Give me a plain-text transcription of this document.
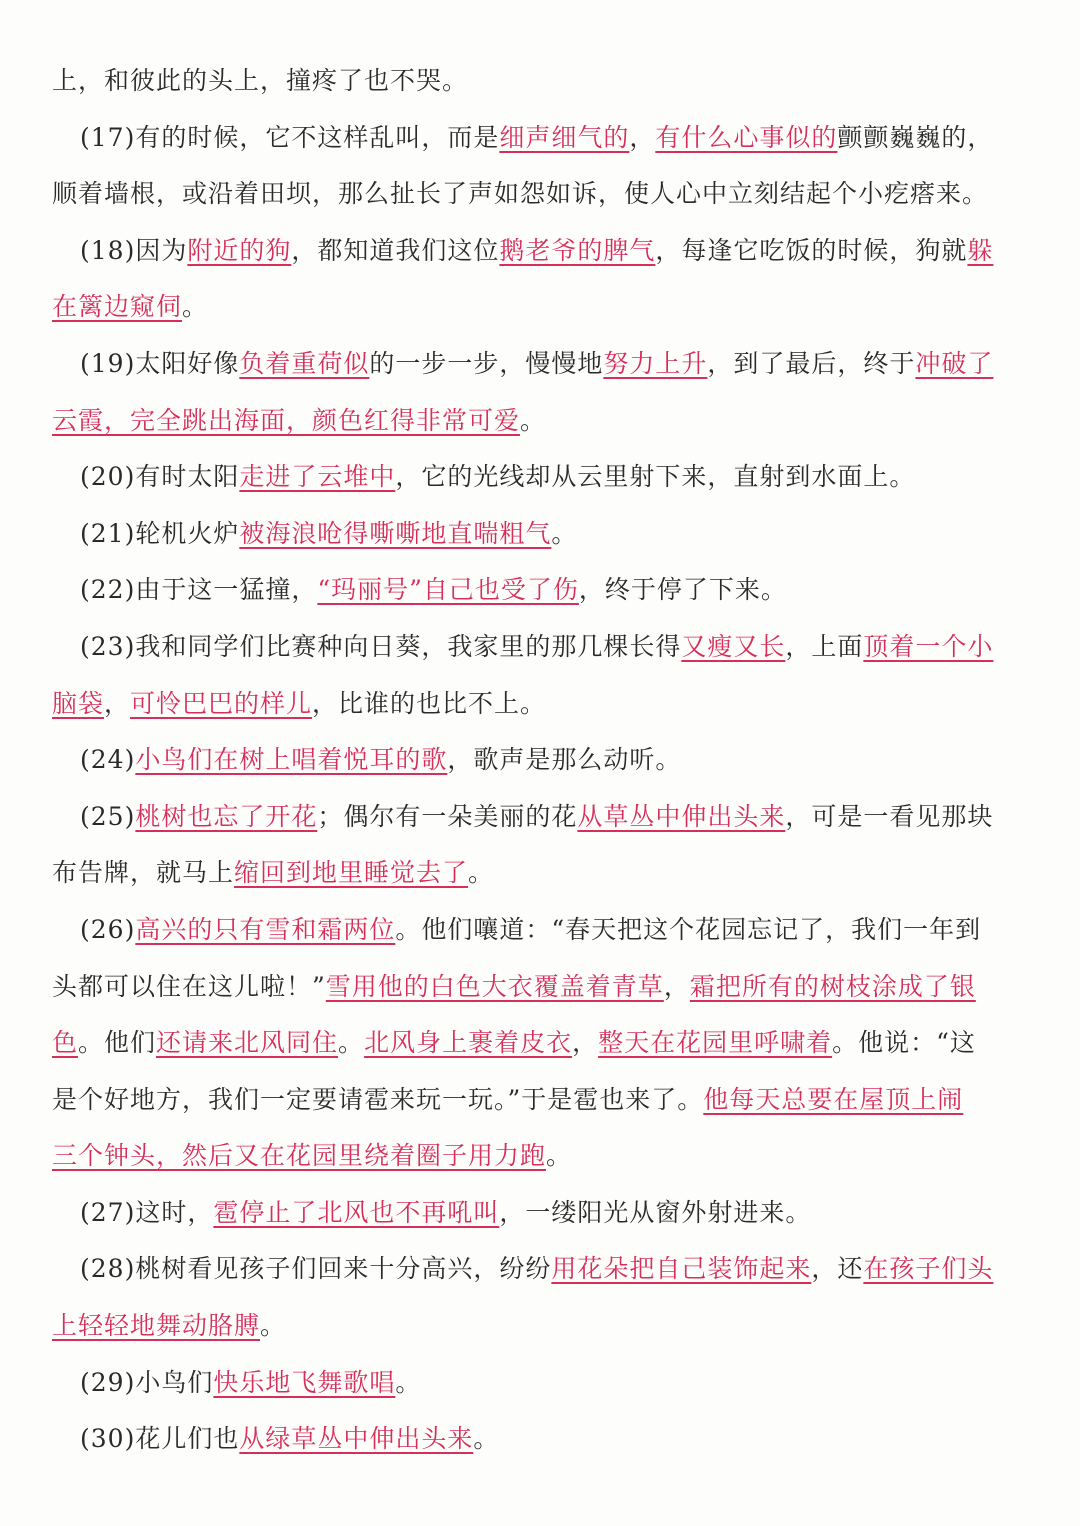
上，和彼此的头上，撞疼了也不哭。
(17)有的时候，它不这样乱叫，而是细声细气的，有什么心事似的颤颤巍巍的，
顺着墙根，或沿着田坝，那么扯长了声如怨如诉，使人心中立刻结起个小疙瘩来。
(18)因为附近的狗，都知道我们这位鹅老爷的脾气，每逢它吃饭的时候，狗就躲
在篱边窥伺。
(19)太阳好像负着重荷似的一步一步，慢慢地努力上升，到了最后，终于冲破了
云霞，完全跳出海面，颜色红得非常可爱。
(20)有时太阳走进了云堆中，它的光线却从云里射下来，直射到水面上。
(21)轮机火炉被海浪呛得嘶嘶地直喘粗气。
(22)由于这一猛撞，“玛丽号”自己也受了伤，终于停了下来。
(23)我和同学们比赛种向日葵，我家里的那几棵长得又瘦又长，上面顶着一个小
脑袋，可怜巴巴的样儿，比谁的也比不上。
(24)小鸟们在树上唱着悦耳的歌，歌声是那么动听。
(25)桃树也忘了开花；偶尔有一朵美丽的花从草丛中伸出头来，可是一看见那块
布告牌，就马上缩回到地里睡觉去了。
(26)高兴的只有雪和霜两位。他们嚷道：“春天把这个花园忘记了，我们一年到
头都可以住在这儿啦！”雪用他的白色大衣覆盖着青草，霜把所有的树枝涂成了银
色。他们还请来北风同住。北风身上裹着皮衣，整天在花园里呼啸着。他说：“这
是个好地方，我们一定要请雹来玩一玩。”于是雹也来了。他每天总要在屋顶上闹
三个钟头，然后又在花园里绕着圈子用力跑。
(27)这时，雹停止了北风也不再吼叫，一缕阳光从窗外射进来。
(28)桃树看见孩子们回来十分高兴，纷纷用花朵把自己装饰起来，还在孩子们头
上轻轻地舞动胳膊。
(29)小鸟们快乐地飞舞歌唱。
(30)花儿们也从绿草丛中伸出头来。
